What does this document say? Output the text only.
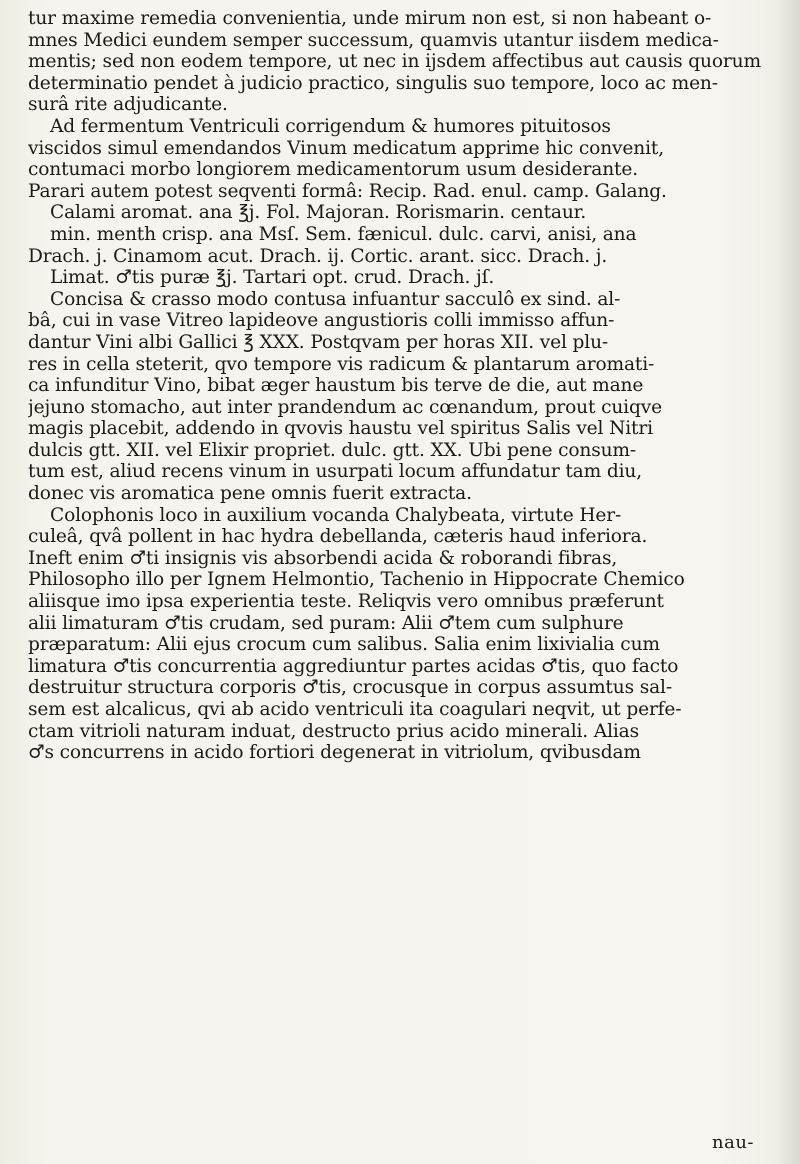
tur maxime remedia convenientia, unde mirum non est, si non habeant o-
mnes Medici eundem semper successum, quamvis utantur iisdem medica-
mentis; sed non eodem tempore, ut nec in ijsdem affectibus aut causis quorum
determinatio pendet à judicio practico, singulis suo tempore, loco ac men-
surâ rite adjudicante.
Ad fermentum Ventriculi corrigendum & humores pituitosos
viscidos simul emendandos Vinum medicatum apprime hic convenit,
contumaci morbo longiorem medicamentorum usum desiderante.
Parari autem potest seqventi formâ: Recip. Rad. enul. camp. Galang.
Calami aromat. ana ℥j. Fol. Majoran. Rorismarin. centaur.
min. menth crisp. ana Msſ. Sem. fænicul. dulc. carvi, anisi, ana
Drach. j. Cinamom acut. Drach. ij. Cortic. arant. sicc. Drach. j.
Limat. ♂tis puræ ℥j. Tartari opt. crud. Drach. jſ.
Concisa & crasso modo contusa infuantur sacculô ex sind. al-
bâ, cui in vase Vitreo lapideove angustioris colli immisso affun-
dantur Vini albi Gallici ℥ XXX. Postqvam per horas XII. vel plu-
res in cella steterit, qvo tempore vis radicum & plantarum aromati-
ca infunditur Vino, bibat æger haustum bis terve de die, aut mane
jejuno stomacho, aut inter prandendum ac cœnandum, prout cuiqve
magis placebit, addendo in qvovis haustu vel spiritus Salis vel Nitri
dulcis gtt. XII. vel Elixir propriet. dulc. gtt. XX. Ubi pene consum-
tum est, aliud recens vinum in usurpati locum affundatur tam diu,
donec vis aromatica pene omnis fuerit extracta.
Colophonis loco in auxilium vocanda Chalybeata, virtute Her-
culeâ, qvâ pollent in hac hydra debellanda, cæteris haud inferiora.
Ineft enim ♂ti insignis vis absorbendi acida & roborandi fibras,
Philosopho illo per Ignem Helmontio, Tachenio in Hippocrate Chemico
aliisque imo ipsa experientia teste. Reliqvis vero omnibus præferunt
alii limaturam ♂tis crudam, sed puram: Alii ♂tem cum sulphure
præparatum: Alii ejus crocum cum salibus. Salia enim lixivialia cum
limatura ♂tis concurrentia aggrediuntur partes acidas ♂tis, quo facto
destruitur structura corporis ♂tis, crocusque in corpus assumtus sal-
sem est alcalicus, qvi ab acido ventriculi ita coagulari neqvit, ut perfe-
ctam vitrioli naturam induat, destructo prius acido minerali. Alias
♂s concurrens in acido fortiori degenerat in vitriolum, qvibusdam
nau-
